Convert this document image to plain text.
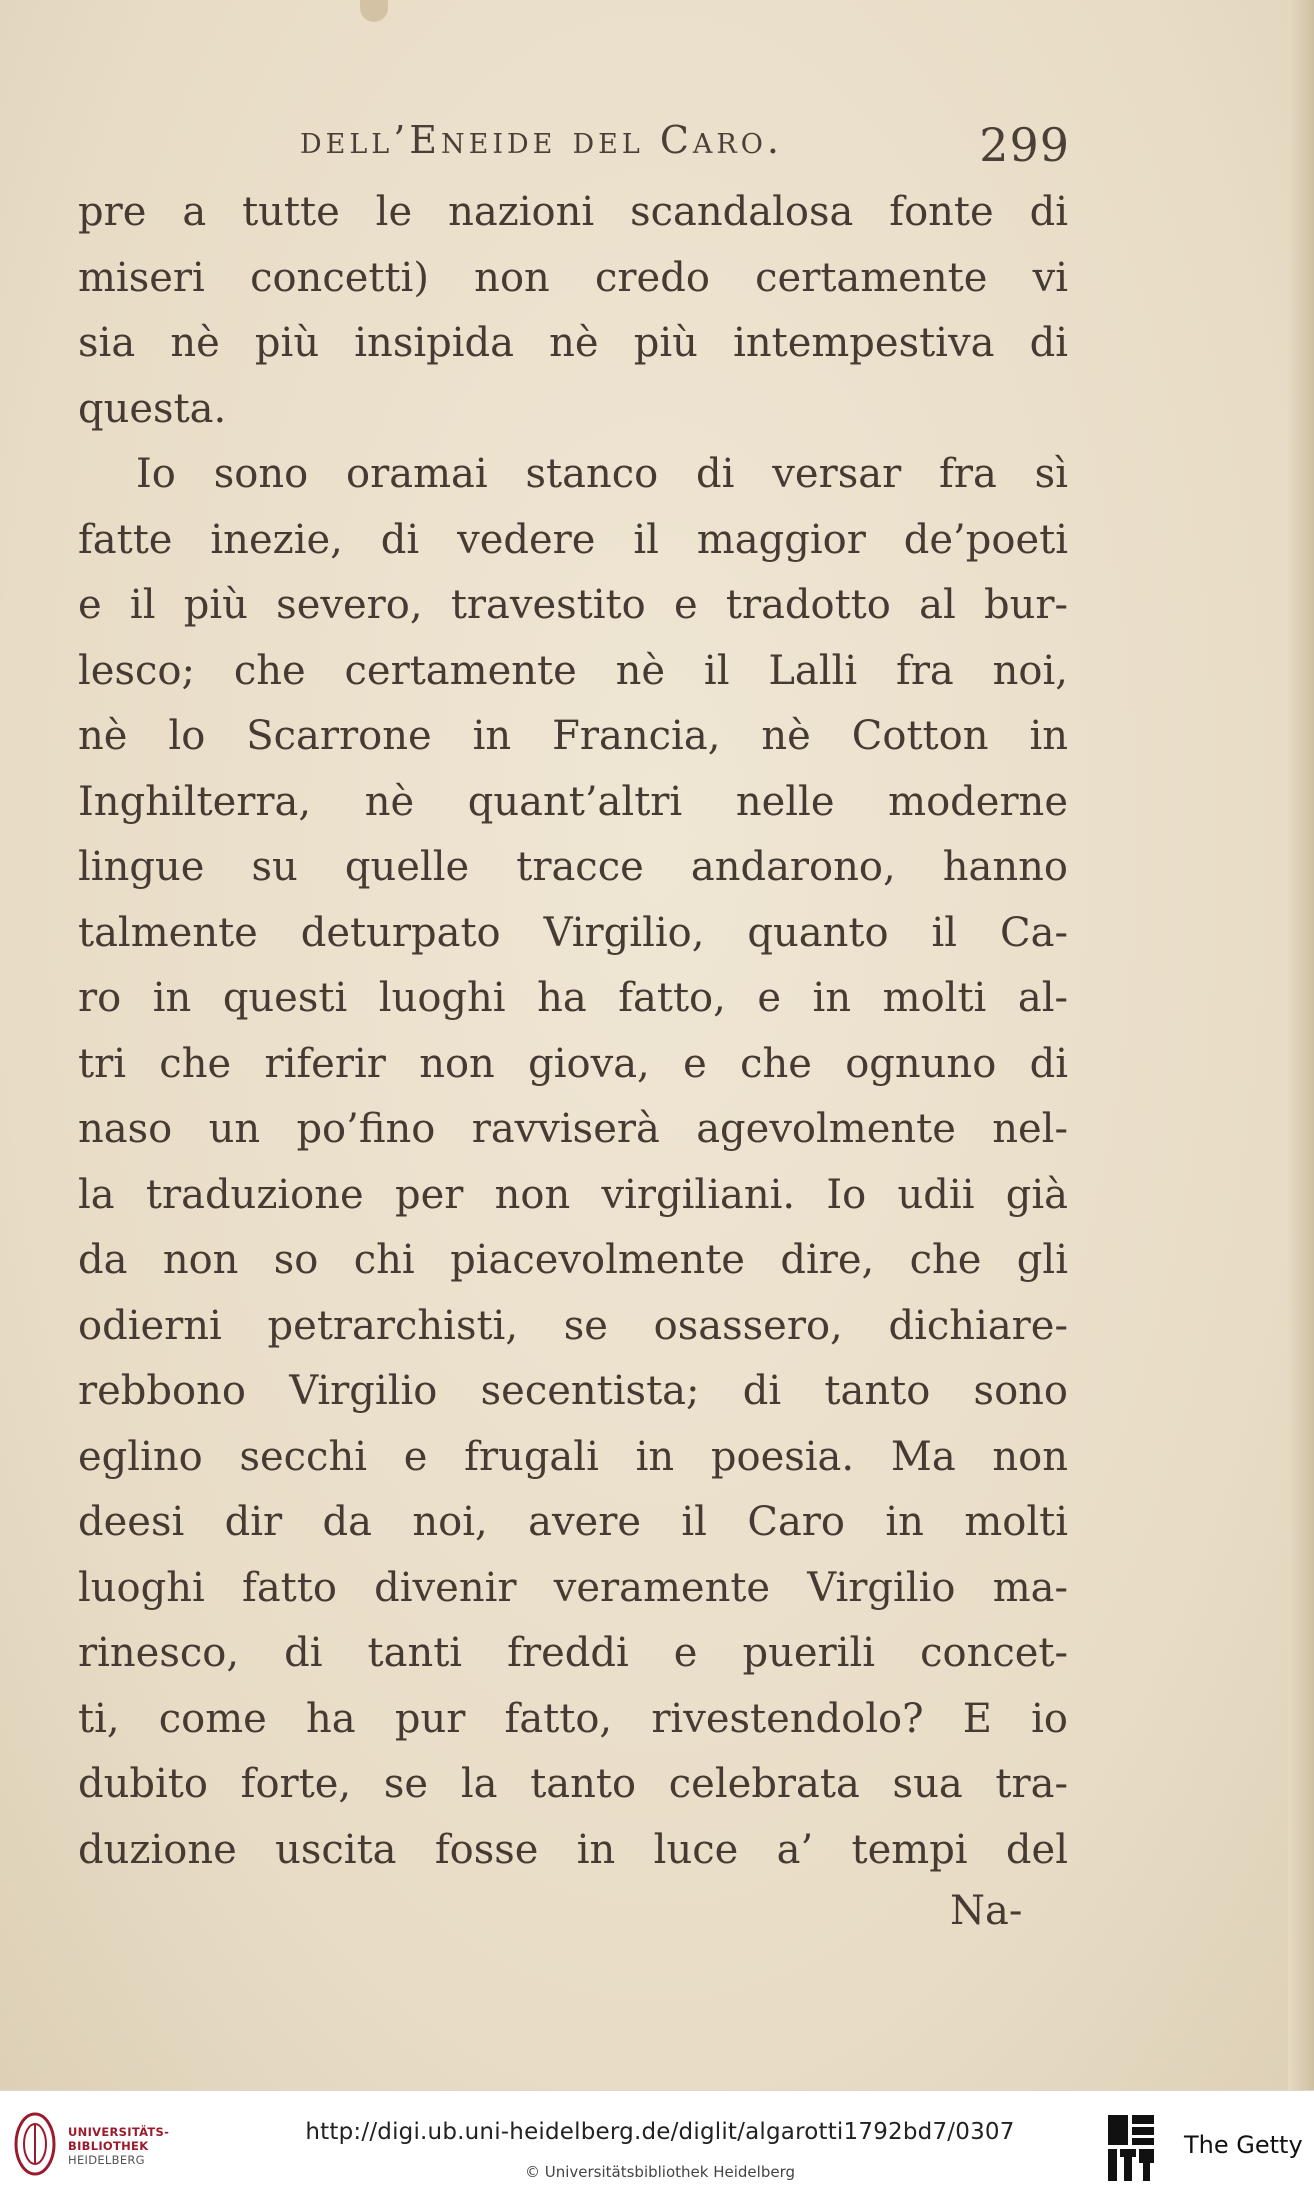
dell’Eneide del Caro.	299
pre a tutte le nazioni scandalosa fonte di
miseri concetti) non credo certamente vi
sia nè più insipida nè più intempestiva di
questa.
Io sono oramai stanco di versar fra sì
fatte inezie, di vedere il maggior de’poeti
e il più severo, travestito e tradotto al bur-
lesco; che certamente nè il Lalli fra noi,
nè lo Scarrone in Francia, nè Cotton in
Inghilterra, nè quant’altri nelle moderne
lingue su quelle tracce andarono, hanno
talmente deturpato Virgilio, quanto il Ca-
ro in questi luoghi ha fatto, e in molti al-
tri che riferir non giova, e che ognuno di
naso un po’fino ravviserà agevolmente nel-
la traduzione per non virgiliani. Io udii già
da non so chi piacevolmente dire, che gli
odierni petrarchisti, se osassero, dichiare-
rebbono Virgilio secentista; di tanto sono
eglino secchi e frugali in poesia. Ma non
deesi dir da noi, avere il Caro in molti
luoghi fatto divenir veramente Virgilio ma-
rinesco, di tanti freddi e puerili concet-
ti, come ha pur fatto, rivestendolo? E io
dubito forte, se la tanto celebrata sua tra-
duzione uscita fosse in luce a’ tempi del
Na-
UNIVERSITÄTS-
BIBLIOTHEK
HEIDELBERG
http://digi.ub.uni-heidelberg.de/diglit/algarotti1792bd7/0307
© Universitätsbibliothek Heidelberg
The Getty
